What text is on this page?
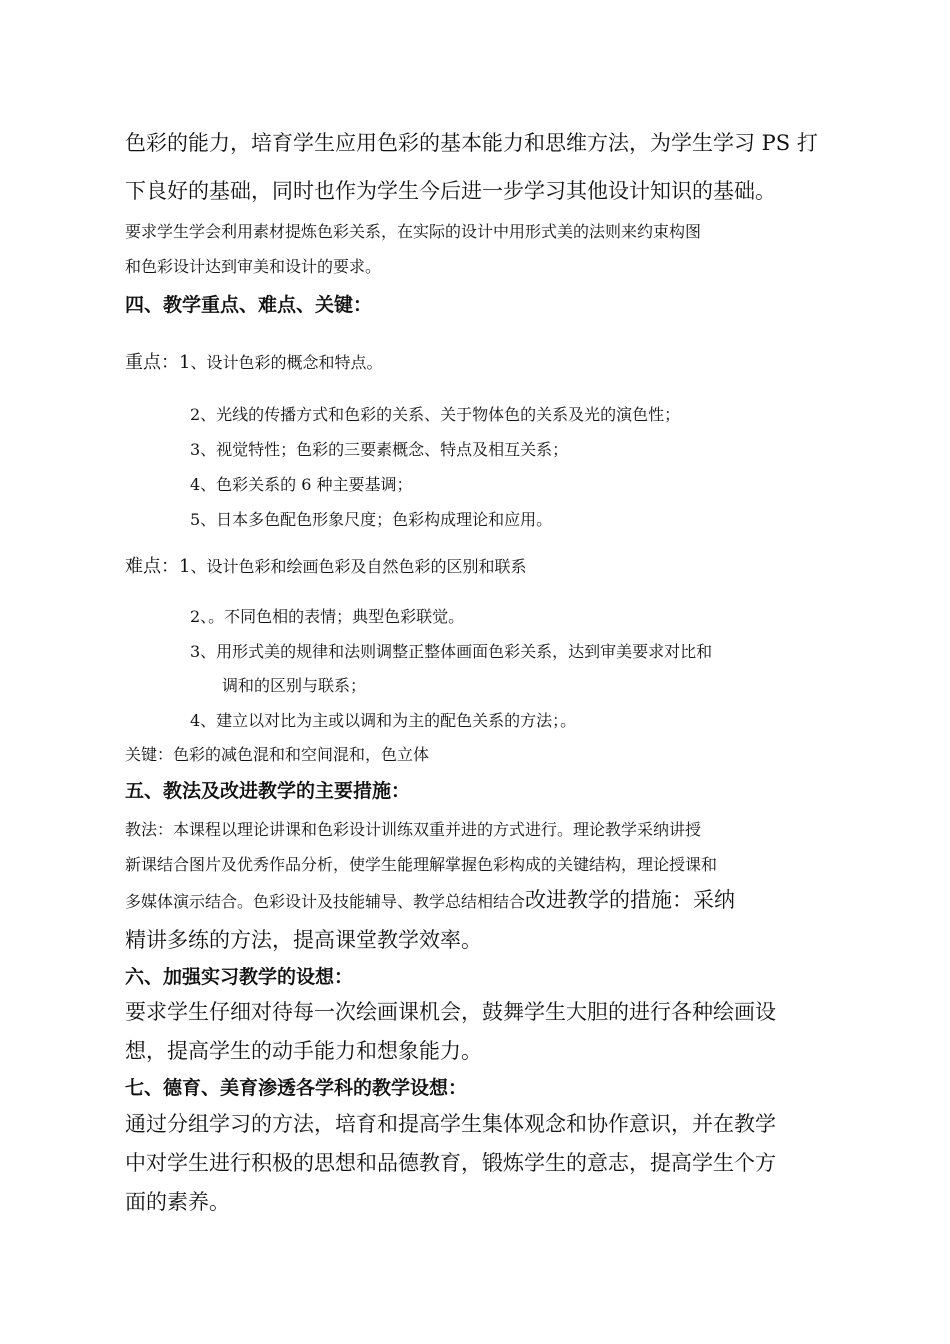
色彩的能力，培育学生应用色彩的基本能力和思维方法，为学生学习 PS 打
下良好的基础，同时也作为学生今后进一步学习其他设计知识的基础。
要求学生学会利用素材提炼色彩关系，在实际的设计中用形式美的法则来约束构图
和色彩设计达到审美和设计的要求。
四、教学重点、难点、关键：
重点：1、设计色彩的概念和特点。
2、光线的传播方式和色彩的关系、关于物体色的关系及光的演色性；
3、视觉特性；色彩的三要素概念、特点及相互关系；
4、色彩关系的 6 种主要基调；
5、日本多色配色形象尺度；色彩构成理论和应用。
难点：1、设计色彩和绘画色彩及自然色彩的区别和联系
2、。不同色相的表情；典型色彩联觉。
3、用形式美的规律和法则调整正整体画面色彩关系，达到审美要求对比和
调和的区别与联系；
4、建立以对比为主或以调和为主的配色关系的方法；。
关键：色彩的减色混和和空间混和，色立体
五、教法及改进教学的主要措施：
教法：本课程以理论讲课和色彩设计训练双重并进的方式进行。理论教学采纳讲授
新课结合图片及优秀作品分析，使学生能理解掌握色彩构成的关键结构，理论授课和
多媒体演示结合。色彩设计及技能辅导、教学总结相结合改进教学的措施：采纳
精讲多练的方法，提高课堂教学效率。
六、加强实习教学的设想：
要求学生仔细对待每一次绘画课机会，鼓舞学生大胆的进行各种绘画设
想，提高学生的动手能力和想象能力。
七、德育、美育渗透各学科的教学设想：
通过分组学习的方法，培育和提高学生集体观念和协作意识，并在教学
中对学生进行积极的思想和品德教育，锻炼学生的意志，提高学生个方
面的素养。
